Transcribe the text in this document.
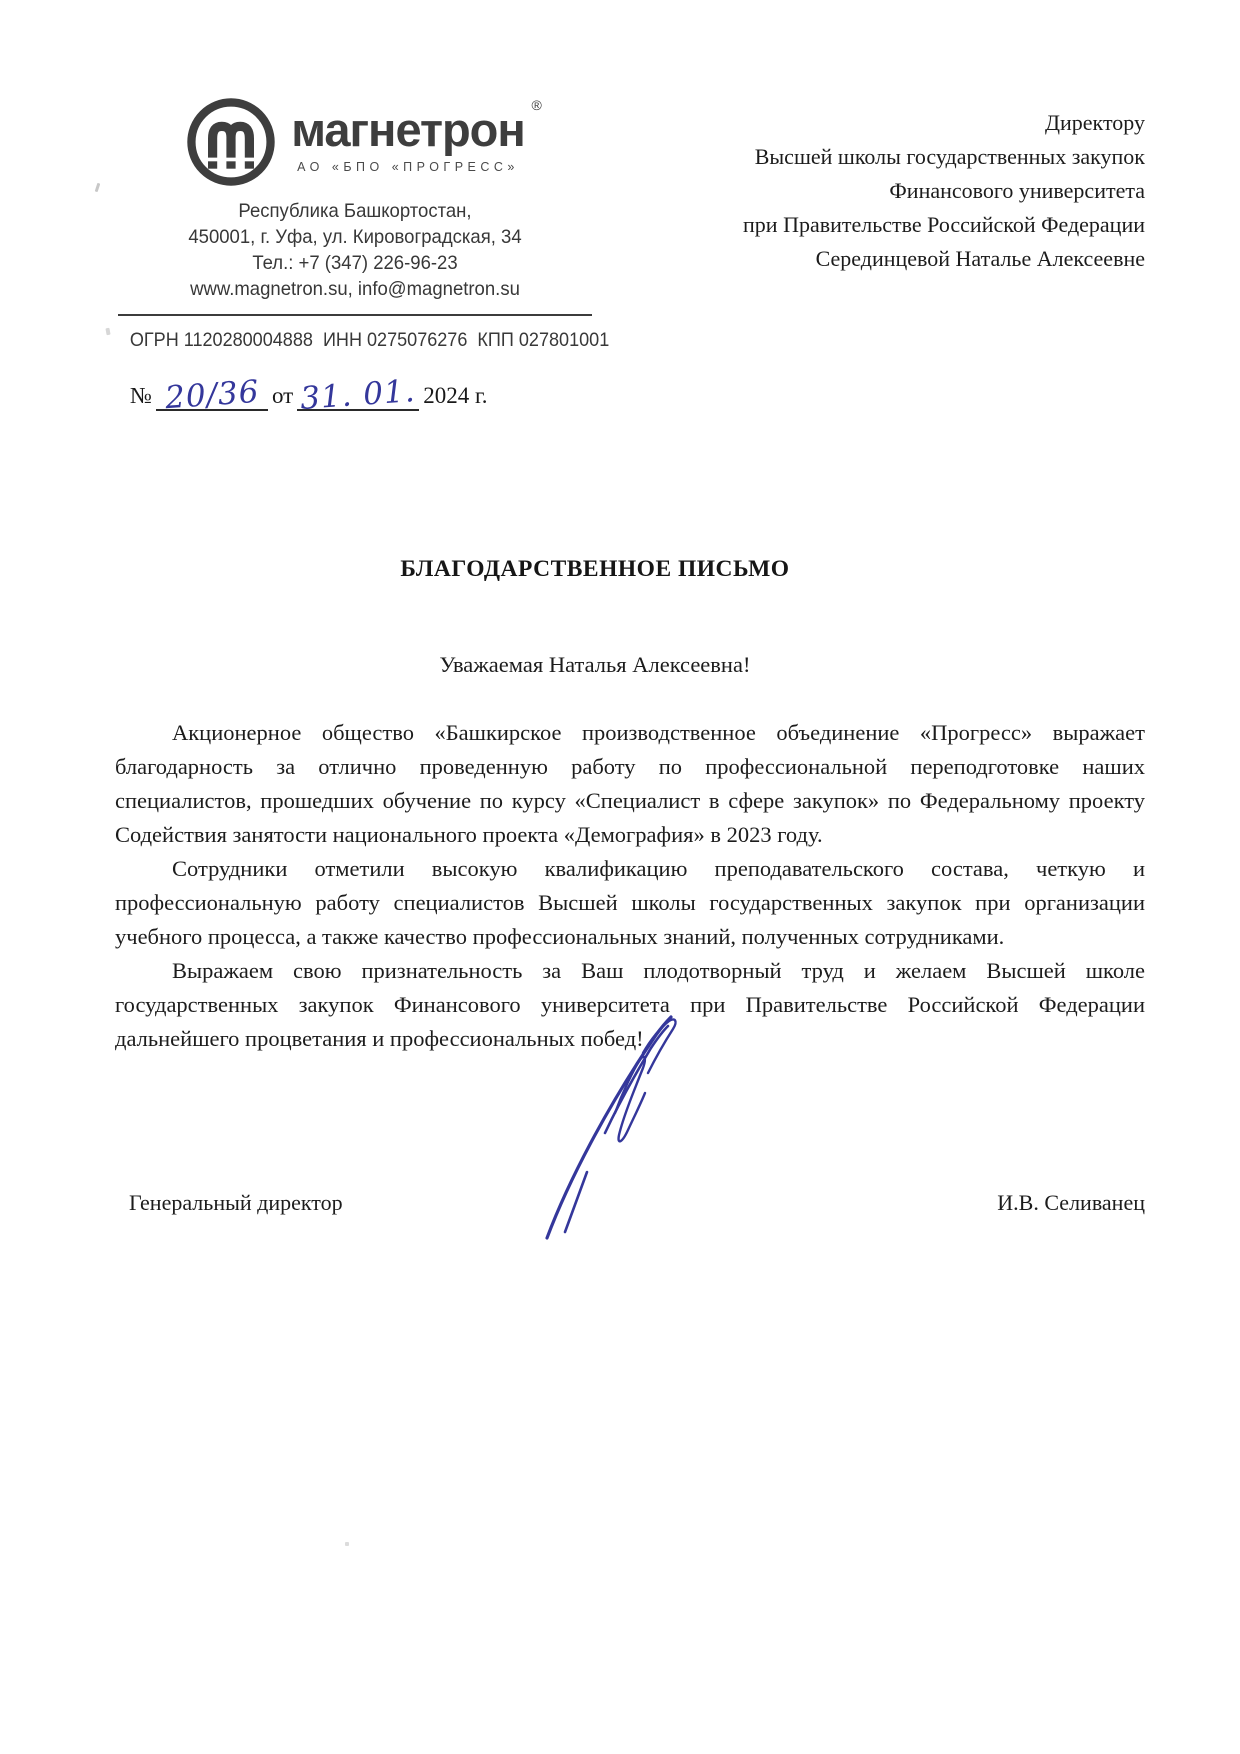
магнетрон ®
АО «БПО «ПРОГРЕСС»
Республика Башкортостан,
450001, г. Уфа, ул. Кировоградская, 34
Тел.: +7 (347) 226-96-23
www.magnetron.su, info@magnetron.su
ОГРН 1120280004888  ИНН 0275076276  КПП 027801001
Директору
Высшей школы государственных закупок
Финансового университета
при Правительстве Российской Федерации
Серединцевой Наталье Алексеевне
№ 20/36 от 31. 01. 2024 г.
БЛАГОДАРСТВЕННОЕ ПИСЬМО
Уважаемая Наталья Алексеевна!

Акционерное общество «Башкирское производственное объединение «Прогресс» выражает благодарность за отлично проведенную работу по профессиональной переподготовке наших специалистов, прошедших обучение по курсу «Специалист в сфере закупок» по Федеральному проекту Содействия занятости национального проекта «Демография» в 2023 году.

Сотрудники отметили высокую квалификацию преподавательского состава, четкую и профессиональную работу специалистов Высшей школы государственных закупок при организации учебного процесса, а также качество профессиональных знаний, полученных сотрудниками.

Выражаем свою признательность за Ваш плодотворный труд и желаем Высшей школе государственных закупок Финансового университета при Правительстве Российской Федерации дальнейшего процветания и профессиональных побед!

Генеральный директор	И.В. Селиванец
